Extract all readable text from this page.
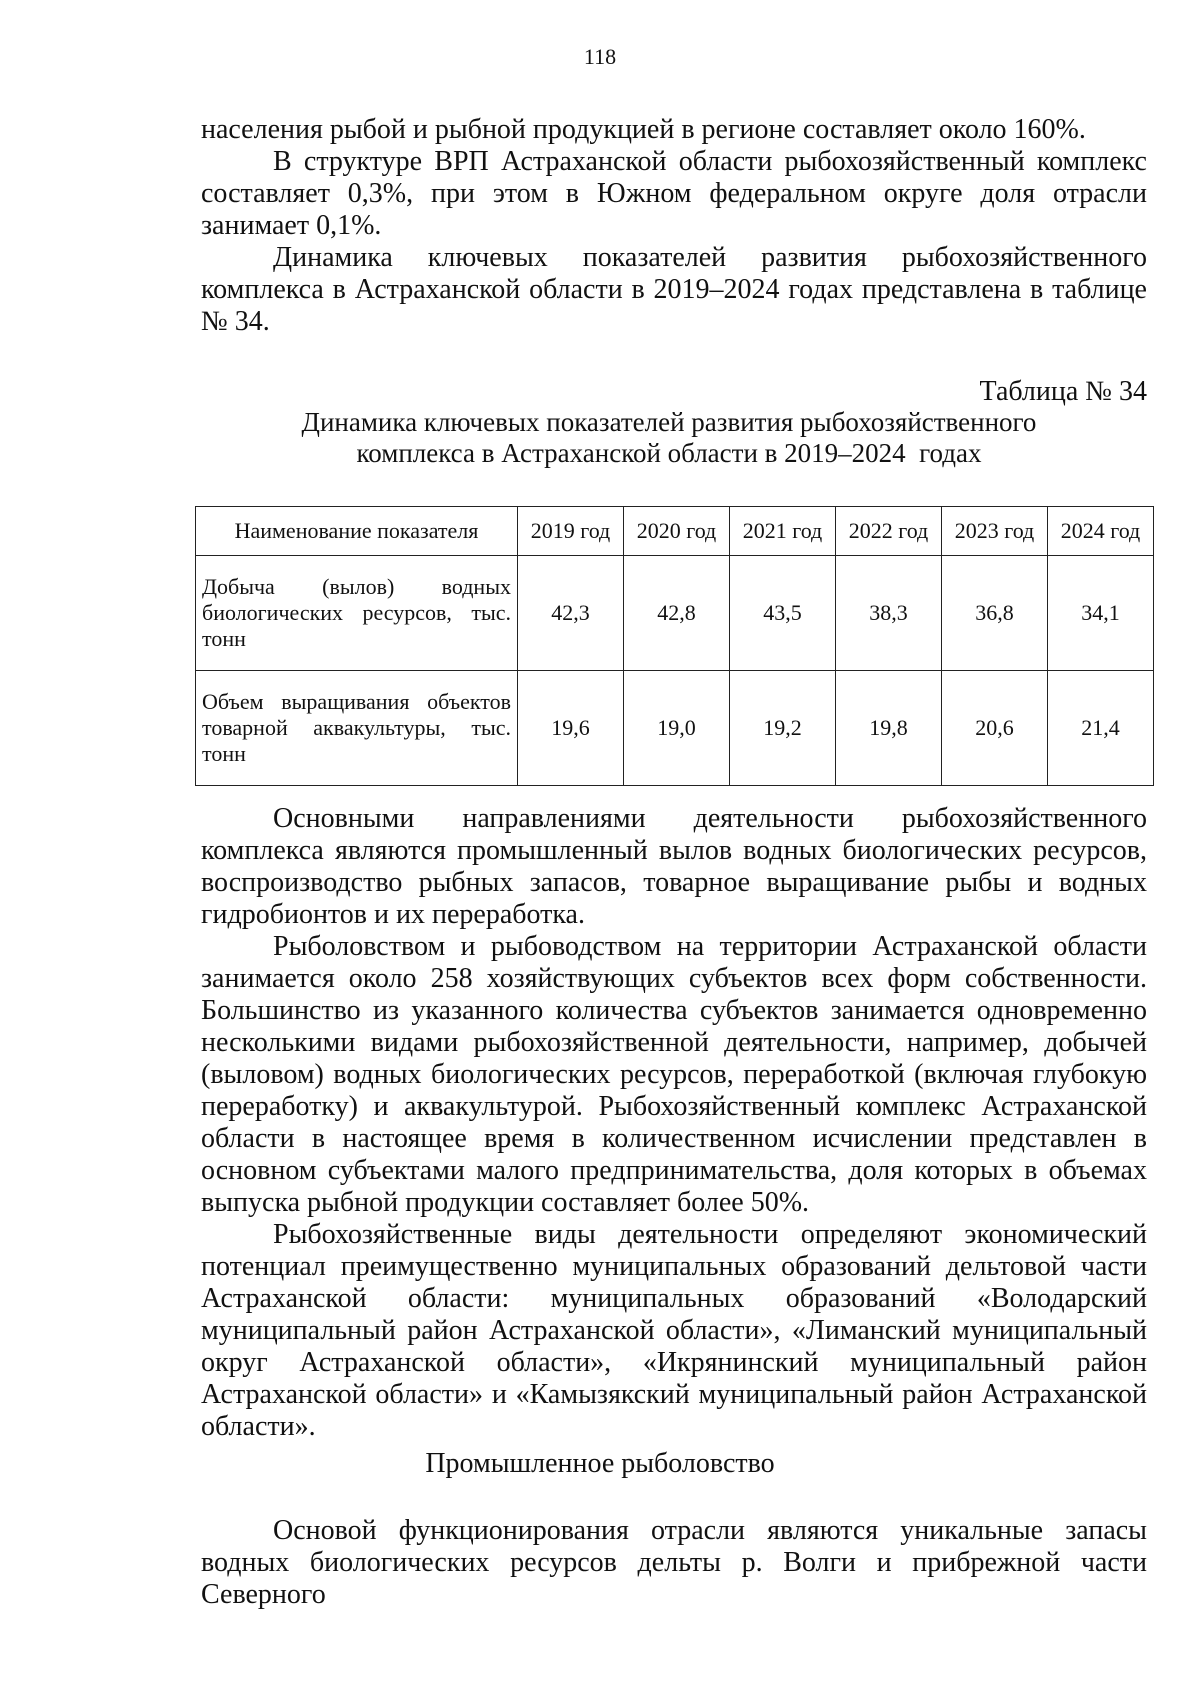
118

населения рыбой и рыбной продукцией в регионе составляет около 160%.

В структуре ВРП Астраханской области рыбохозяйственный комплекс составляет 0,3%, при этом в Южном федеральном округе доля отрасли занимает 0,1%.

Динамика ключевых показателей развития рыбохозяйственного комплекса в Астраханской области в 2019–2024 годах представлена в таблице № 34.

Таблица № 34
Динамика ключевых показателей развития рыбохозяйственного
комплекса в Астраханской области в 2019–2024  годах
Наименование показателя	2019 год	2020 год	2021 год	2022 год	2023 год	2024 год
Добыча (вылов) водных биологических ресурсов, тыс. тонн	42,3	42,8	43,5	38,3	36,8	34,1
Объем выращивания объектов товарной аквакультуры, тыс. тонн	19,6	19,0	19,2	19,8	20,6	21,4

Основными направлениями деятельности рыбохозяйственного комплекса являются промышленный вылов водных биологических ресурсов, воспроизводство рыбных запасов, товарное выращивание рыбы и водных гидробионтов и их переработка.

Рыболовством и рыбоводством на территории Астраханской области занимается около 258 хозяйствующих субъектов всех форм собственности. Большинство из указанного количества субъектов занимается одновременно несколькими видами рыбохозяйственной деятельности, например, добычей (выловом) водных биологических ресурсов, переработкой (включая глубокую переработку) и аквакультурой. Рыбохозяйственный комплекс Астраханской области в настоящее время в количественном исчислении представлен в основном субъектами малого предпринимательства, доля которых в объемах выпуска рыбной продукции составляет более 50%.

Рыбохозяйственные виды деятельности определяют экономический потенциал преимущественно муниципальных образований дельтовой части Астраханской области: муниципальных образований «Володарский муниципальный район Астраханской области», «Лиманский муниципальный округ Астраханской области», «Икрянинский муниципальный район Астраханской области» и «Камызякский муниципальный район Астраханской области».

Промышленное рыболовство

Основой функционирования отрасли являются уникальные запасы водных биологических ресурсов дельты р. Волги и прибрежной части Северного
